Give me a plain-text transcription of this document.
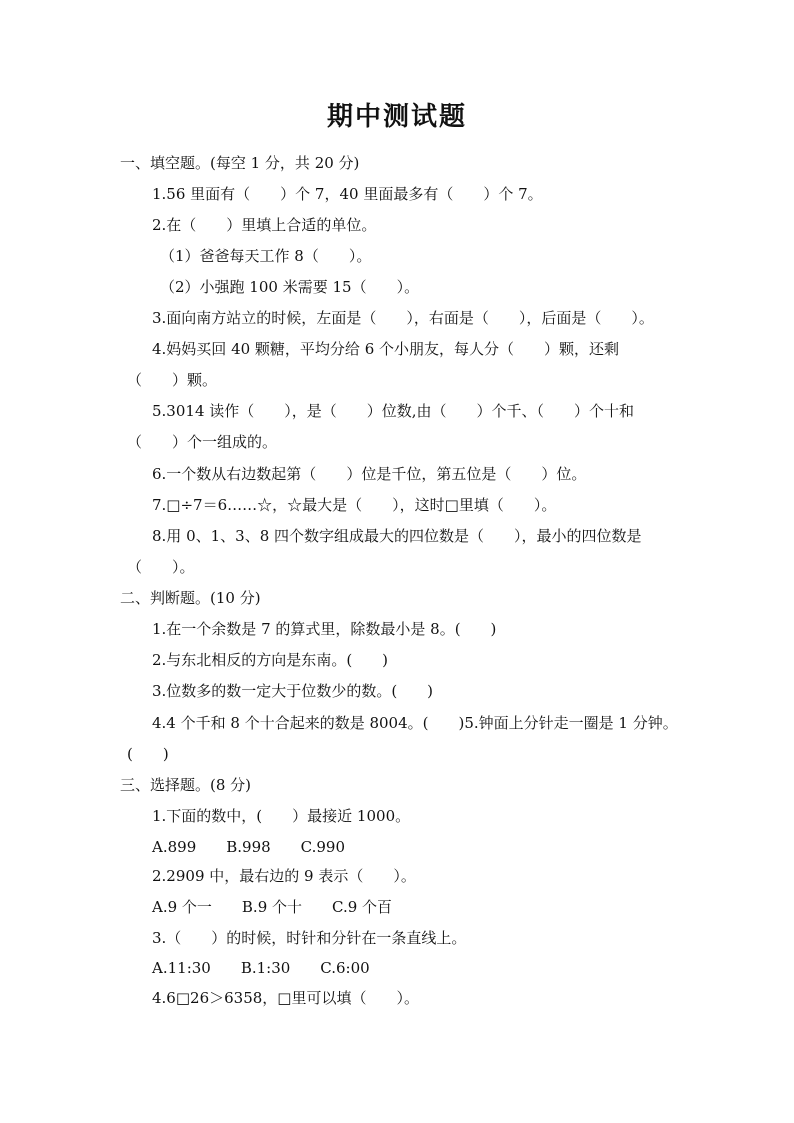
期中测试题
一、填空题。(每空 1 分，共 20 分)
1.56 里面有（　　）个 7，40 里面最多有（　　）个 7。
2.在（　　）里填上合适的单位。
（1）爸爸每天工作 8（　　）。
（2）小强跑 100 米需要 15（　　）。
3.面向南方站立的时候，左面是（　　），右面是（　　），后面是（　　）。
4.妈妈买回 40 颗糖，平均分给 6 个小朋友，每人分（　　）颗，还剩
（　　）颗。
5.3014 读作（　　），是（　　）位数,由（　　）个千、（　　）个十和
（　　）个一组成的。
6.一个数从右边数起第（　　）位是千位，第五位是（　　）位。
7.□÷7＝6……☆，☆最大是（　　），这时□里填（　　）。
8.用 0、1、3、8 四个数字组成最大的四位数是（　　），最小的四位数是
（　　）。
二、判断题。(10 分)
1.在一个余数是 7 的算式里，除数最小是 8。(　　)
2.与东北相反的方向是东南。(　　)
3.位数多的数一定大于位数少的数。(　　)
4.4 个千和 8 个十合起来的数是 8004。(　　)5.钟面上分针走一圈是 1 分钟。
(　　)
三、选择题。(8 分)
1.下面的数中，(　　）最接近 1000。
A.899　　B.998　　C.990
2.2909 中，最右边的 9 表示（　　）。
A.9 个一　　B.9 个十　　C.9 个百
3.（　　）的时候，时针和分针在一条直线上。
A.11:30　　B.1:30　　C.6:00
4.6□26＞6358，□里可以填（　　）。
